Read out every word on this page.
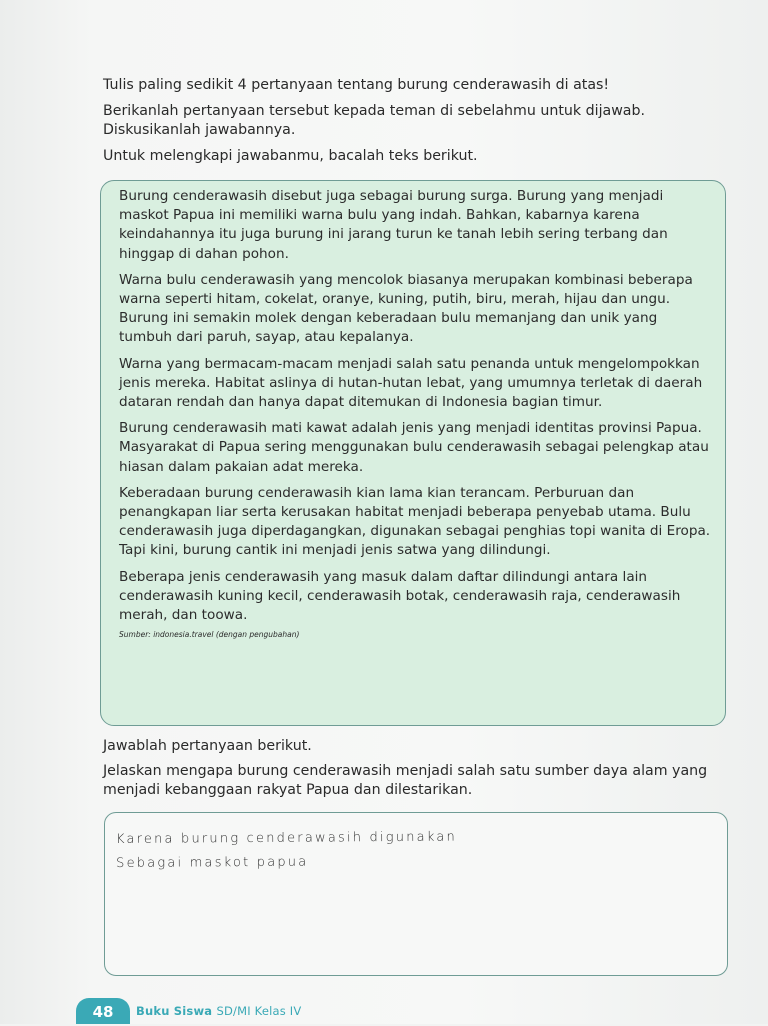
Tulis paling sedikit 4 pertanyaan tentang burung cenderawasih di atas!

Berikanlah pertanyaan tersebut kepada teman di sebelahmu untuk dijawab. Diskusikanlah jawabannya.

Untuk melengkapi jawabanmu, bacalah teks berikut.

Burung cenderawasih disebut juga sebagai burung surga. Burung yang menjadi maskot Papua ini memiliki warna bulu yang indah. Bahkan, kabarnya karena keindahannya itu juga burung ini jarang turun ke tanah lebih sering terbang dan hinggap di dahan pohon.

Warna bulu cenderawasih yang mencolok biasanya merupakan kombinasi beberapa warna seperti hitam, cokelat, oranye, kuning, putih, biru, merah, hijau dan ungu. Burung ini semakin molek dengan keberadaan bulu memanjang dan unik yang tumbuh dari paruh, sayap, atau kepalanya.

Warna yang bermacam-macam menjadi salah satu penanda untuk mengelompokkan jenis mereka. Habitat aslinya di hutan-hutan lebat, yang umumnya terletak di daerah dataran rendah dan hanya dapat ditemukan di Indonesia bagian timur.

Burung cenderawasih mati kawat adalah jenis yang menjadi identitas provinsi Papua. Masyarakat di Papua sering menggunakan bulu cenderawasih sebagai pelengkap atau hiasan dalam pakaian adat mereka.

Keberadaan burung cenderawasih kian lama kian terancam. Perburuan dan penangkapan liar serta kerusakan habitat menjadi beberapa penyebab utama. Bulu cenderawasih juga diperdagangkan, digunakan sebagai penghias topi wanita di Eropa. Tapi kini, burung cantik ini menjadi jenis satwa yang dilindungi.

Beberapa jenis cenderawasih yang masuk dalam daftar dilindungi antara lain cenderawasih kuning kecil, cenderawasih botak, cenderawasih raja, cenderawasih merah, dan toowa.

Sumber: indonesia.travel (dengan pengubahan)

Jawablah pertanyaan berikut.

Jelaskan mengapa burung cenderawasih menjadi salah satu sumber daya alam yang menjadi kebanggaan rakyat Papua dan dilestarikan.

Karena burung cenderawasih digunakan
Sebagai maskot papua
48	Buku Siswa SD/MI Kelas IV
